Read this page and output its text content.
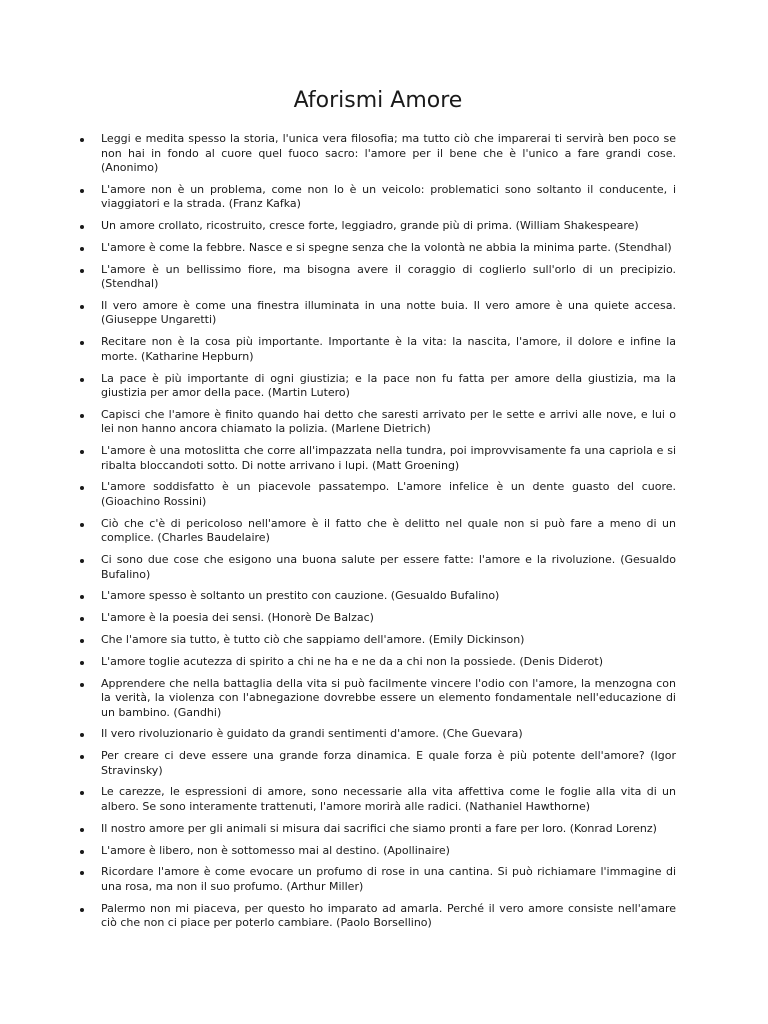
Aforismi Amore
Leggi e medita spesso la storia, l'unica vera filosofia; ma tutto ciò che imparerai ti servirà ben poco se non hai in fondo al cuore quel fuoco sacro: l'amore per il bene che è l'unico a fare grandi cose. (Anonimo)
L'amore non è un problema, come non lo è un veicolo: problematici sono soltanto il conducente, i viaggiatori e la strada. (Franz Kafka)
Un amore crollato, ricostruito, cresce forte, leggiadro, grande più di prima. (William Shakespeare)
L'amore è come la febbre. Nasce e si spegne senza che la volontà ne abbia la minima parte. (Stendhal)
L'amore è un bellissimo fiore, ma bisogna avere il coraggio di coglierlo sull'orlo di un precipizio. (Stendhal)
Il vero amore è come una finestra illuminata in una notte buia. Il vero amore è una quiete accesa. (Giuseppe Ungaretti)
Recitare non è la cosa più importante. Importante è la vita: la nascita, l'amore, il dolore e infine la morte. (Katharine Hepburn)
La pace è più importante di ogni giustizia; e la pace non fu fatta per amore della giustizia, ma la giustizia per amor della pace. (Martin Lutero)
Capisci che l'amore è finito quando hai detto che saresti arrivato per le sette e arrivi alle nove, e lui o lei non hanno ancora chiamato la polizia. (Marlene Dietrich)
L'amore è una motoslitta che corre all'impazzata nella tundra, poi improvvisamente fa una capriola e si ribalta bloccandoti sotto. Di notte arrivano i lupi. (Matt Groening)
L'amore soddisfatto è un piacevole passatempo. L'amore infelice è un dente guasto del cuore. (Gioachino Rossini)
Ciò che c'è di pericoloso nell'amore è il fatto che è delitto nel quale non si può fare a meno di un complice. (Charles Baudelaire)
Ci sono due cose che esigono una buona salute per essere fatte: l'amore e la rivoluzione. (Gesualdo Bufalino)
L'amore spesso è soltanto un prestito con cauzione. (Gesualdo Bufalino)
L'amore è la poesia dei sensi. (Honorè De Balzac)
Che l'amore sia tutto, è tutto ciò che sappiamo dell'amore. (Emily Dickinson)
L'amore toglie acutezza di spirito a chi ne ha e ne da a chi non la possiede. (Denis Diderot)
Apprendere che nella battaglia della vita si può facilmente vincere l'odio con l'amore, la menzogna con la verità, la violenza con l'abnegazione dovrebbe essere un elemento fondamentale nell'educazione di un bambino. (Gandhi)
Il vero rivoluzionario è guidato da grandi sentimenti d'amore. (Che Guevara)
Per creare ci deve essere una grande forza dinamica. E quale forza è più potente dell'amore? (Igor Stravinsky)
Le carezze, le espressioni di amore, sono necessarie alla vita affettiva come le foglie alla vita di un albero. Se sono interamente trattenuti, l'amore morirà alle radici. (Nathaniel Hawthorne)
Il nostro amore per gli animali si misura dai sacrifici che siamo pronti a fare per loro. (Konrad Lorenz)
L'amore è libero, non è sottomesso mai al destino. (Apollinaire)
Ricordare l'amore è come evocare un profumo di rose in una cantina. Si può richiamare l'immagine di una rosa, ma non il suo profumo. (Arthur Miller)
Palermo non mi piaceva, per questo ho imparato ad amarla. Perché il vero amore consiste nell'amare ciò che non ci piace per poterlo cambiare. (Paolo Borsellino)
